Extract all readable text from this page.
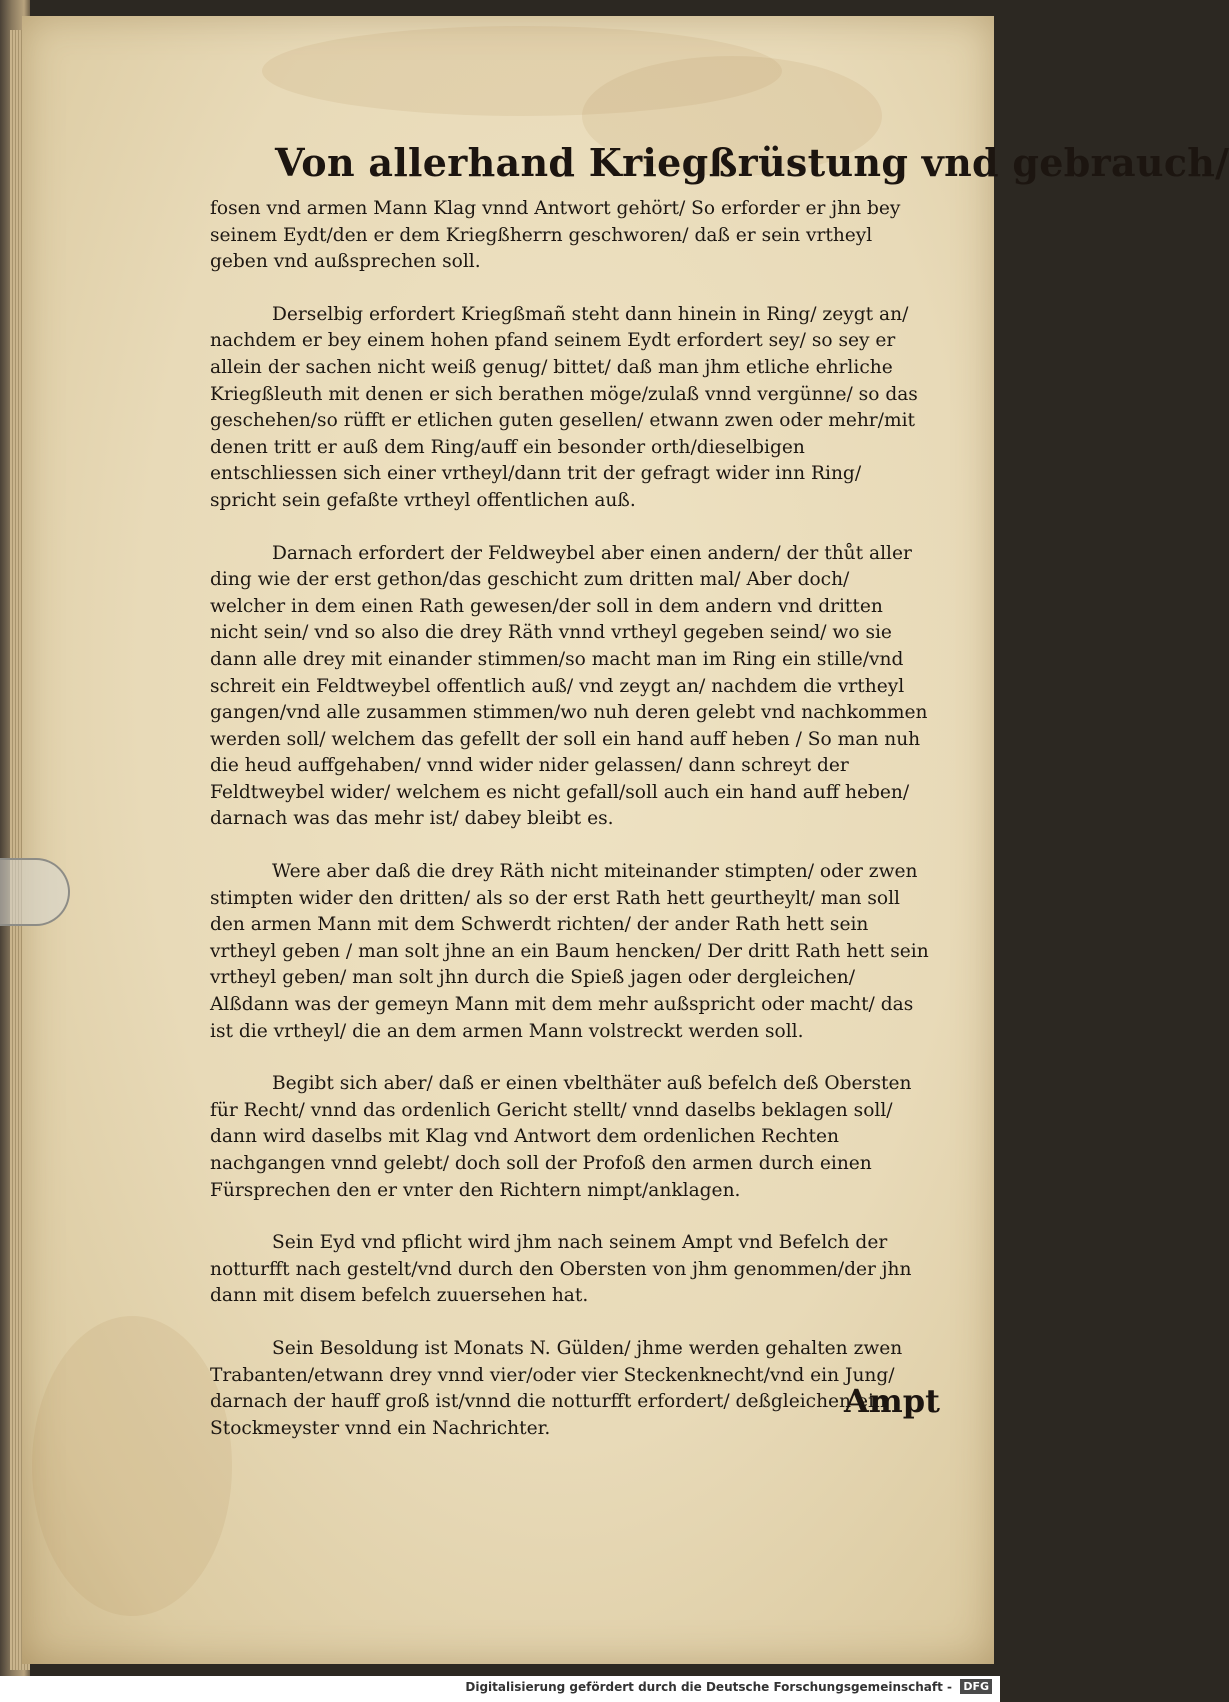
Von allerhand Kriegßrüstung vnd gebrauch/

fosen vnd armen Mann Klag vnnd Antwort gehört/ So erforder er jhn bey seinem Eydt/den er dem Kriegßherrn geschworen/ daß er sein vrtheyl geben vnd außsprechen soll.

Derselbig erfordert Kriegßmañ steht dann hinein in Ring/ zeygt an/ nachdem er bey einem hohen pfand seinem Eydt erfordert sey/ so sey er allein der sachen nicht weiß genug/ bittet/ daß man jhm etliche ehrliche Kriegßleuth mit denen er sich berathen möge/zulaß vnnd vergünne/ so das geschehen/so rüfft er etlichen guten gesellen/ etwann zwen oder mehr/mit denen tritt er auß dem Ring/auff ein besonder orth/dieselbigen entschliessen sich einer vrtheyl/dann trit der gefragt wider inn Ring/ spricht sein gefaßte vrtheyl offentlichen auß.

Darnach erfordert der Feldweybel aber einen andern/ der thůt aller ding wie der erst gethon/das geschicht zum dritten mal/ Aber doch/ welcher in dem einen Rath gewesen/der soll in dem andern vnd dritten nicht sein/ vnd so also die drey Räth vnnd vrtheyl gegeben seind/ wo sie dann alle drey mit einander stimmen/so macht man im Ring ein stille/vnd schreit ein Feldtweybel offentlich auß/ vnd zeygt an/ nachdem die vrtheyl gangen/vnd alle zusammen stimmen/wo nuh deren gelebt vnd nachkommen werden soll/ welchem das gefellt der soll ein hand auff heben / So man nuh die heud auffgehaben/ vnnd wider nider gelassen/ dann schreyt der Feldtweybel wider/ welchem es nicht gefall/soll auch ein hand auff heben/ darnach was das mehr ist/ dabey bleibt es.

Were aber daß die drey Räth nicht miteinander stimpten/ oder zwen stimpten wider den dritten/ als so der erst Rath hett geurtheylt/ man soll den armen Mann mit dem Schwerdt richten/ der ander Rath hett sein vrtheyl geben / man solt jhne an ein Baum hencken/ Der dritt Rath hett sein vrtheyl geben/ man solt jhn durch die Spieß jagen oder dergleichen/ Alßdann was der gemeyn Mann mit dem mehr außspricht oder macht/ das ist die vrtheyl/ die an dem armen Mann volstreckt werden soll.

Begibt sich aber/ daß er einen vbelthäter auß befelch deß Obersten für Recht/ vnnd das ordenlich Gericht stellt/ vnnd daselbs beklagen soll/ dann wird daselbs mit Klag vnd Antwort dem ordenlichen Rechten nachgangen vnnd gelebt/ doch soll der Profoß den armen durch einen Fürsprechen den er vnter den Richtern nimpt/anklagen.

Sein Eyd vnd pflicht wird jhm nach seinem Ampt vnd Befelch der notturfft nach gestelt/vnd durch den Obersten von jhm genommen/der jhn dann mit disem befelch zuuersehen hat.

Sein Besoldung ist Monats N. Gülden/ jhme werden gehalten zwen Trabanten/etwann drey vnnd vier/oder vier Steckenknecht/vnd ein Jung/ darnach der hauff groß ist/vnnd die notturfft erfordert/ deßgleichen ein Stockmeyster vnnd ein Nachrichter.

Ampt
Digitalisierung gefördert durch die Deutsche Forschungsgemeinschaft - DFG
